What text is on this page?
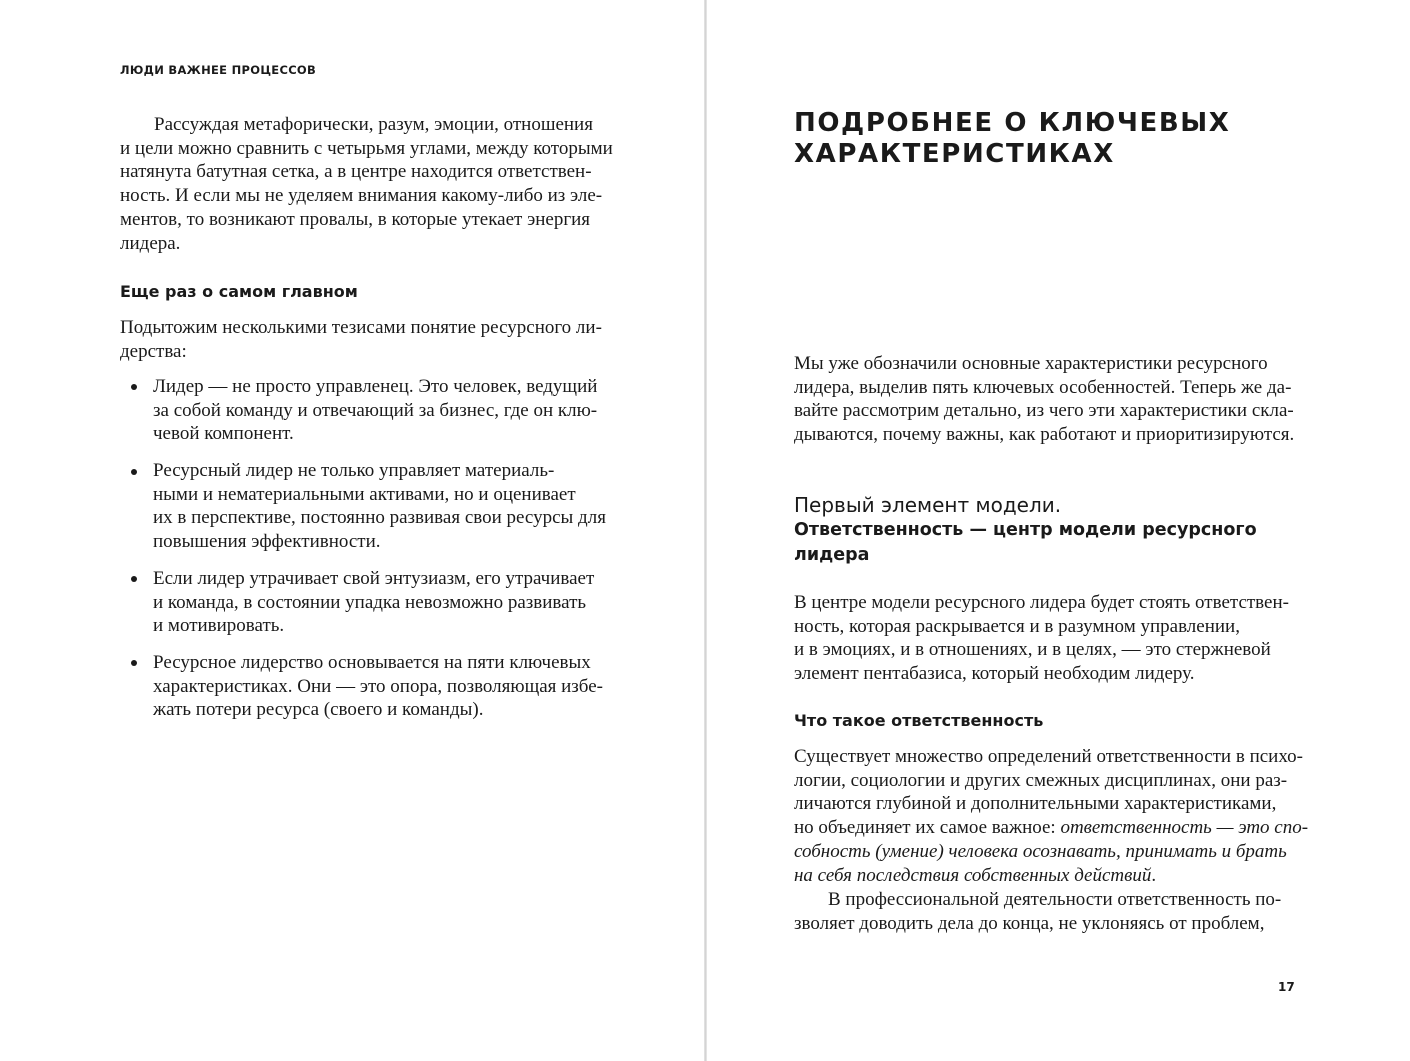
ЛЮДИ ВАЖНЕЕ ПРОЦЕССОВ
Рассуждая метафорически, разум, эмоции, отношения
и цели можно сравнить с четырьмя углами, между которыми
натянута батутная сетка, а в центре находится ответствен-
ность. И если мы не уделяем внимания какому-либо из эле-
ментов, то возникают провалы, в которые утекает энергия
лидера.
Еще раз о самом главном
Подытожим несколькими тезисами понятие ресурсного ли-
дерства:
Лидер — не просто управленец. Это человек, ведущий
за собой команду и отвечающий за бизнес, где он клю-
чевой компонент.
Ресурсный лидер не только управляет материаль-
ными и нематериальными активами, но и оценивает
их в перспективе, постоянно развивая свои ресурсы для
повышения эффективности.
Если лидер утрачивает свой энтузиазм, его утрачивает
и команда, в состоянии упадка невозможно развивать
и мотивировать.
Ресурсное лидерство основывается на пяти ключевых
характеристиках. Они — это опора, позволяющая избе-
жать потери ресурса (своего и команды).
ПОДРОБНЕЕ О КЛЮЧЕВЫХ
ХАРАКТЕРИСТИКАХ
Мы уже обозначили основные характеристики ресурсного
лидера, выделив пять ключевых особенностей. Теперь же да-
вайте рассмотрим детально, из чего эти характеристики скла-
дываются, почему важны, как работают и приоритизируются.
Первый элемент модели.
Ответственность — центр модели ресурсного
лидера
В центре модели ресурсного лидера будет стоять ответствен-
ность, которая раскрывается и в разумном управлении,
и в эмоциях, и в отношениях, и в целях, — это стержневой
элемент пентабазиса, который необходим лидеру.
Что такое ответственность
Существует множество определений ответственности в психо-
логии, социологии и других смежных дисциплинах, они раз-
личаются глубиной и дополнительными характеристиками,
но объединяет их самое важное: ответственность — это спо-
собность (умение) человека осознавать, принимать и брать
на себя последствия собственных действий.
В профессиональной деятельности ответственность по-
зволяет доводить дела до конца, не уклоняясь от проблем,
17
